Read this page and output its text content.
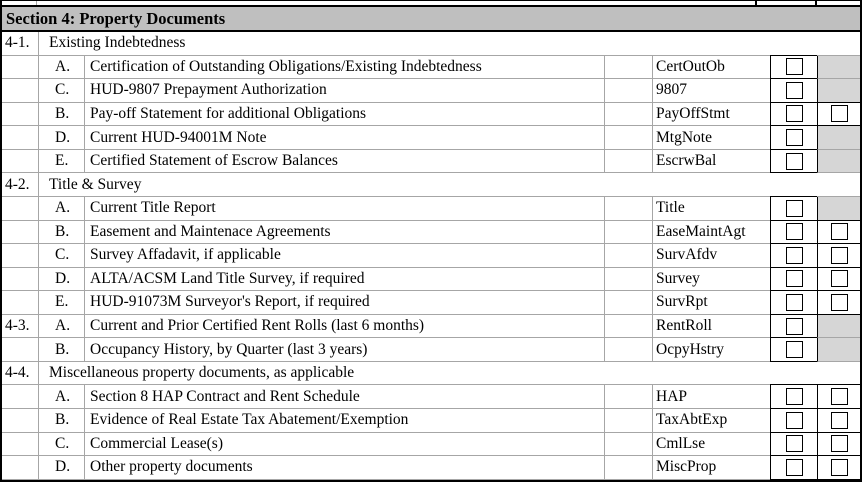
Section 4: Property Documents
4-1.	Existing Indebtedness
A.	Certification of Outstanding Obligations/Existing Indebtedness	CertOutOb
C.	HUD-9807 Prepayment Authorization	9807
B.	Pay-off Statement for additional Obligations	PayOffStmt
D.	Current HUD-94001M Note	MtgNote
E.	Certified Statement of Escrow Balances	EscrwBal
4-2.	Title & Survey
A.	Current Title Report	Title
B.	Easement and Maintenace Agreements	EaseMaintAgt
C.	Survey Affadavit, if applicable	SurvAfdv
D.	ALTA/ACSM Land Title Survey, if required	Survey
E.	HUD-91073M Surveyor's Report, if required	SurvRpt
4-3.	A.	Current and Prior Certified Rent Rolls (last 6 months)	RentRoll
B.	Occupancy History, by Quarter (last 3 years)	OcpyHstry
4-4.	Miscellaneous property documents, as applicable
A.	Section 8 HAP Contract and Rent Schedule	HAP
B.	Evidence of Real Estate Tax Abatement/Exemption	TaxAbtExp
C.	Commercial Lease(s)	CmlLse
D.	Other property documents	MiscProp
